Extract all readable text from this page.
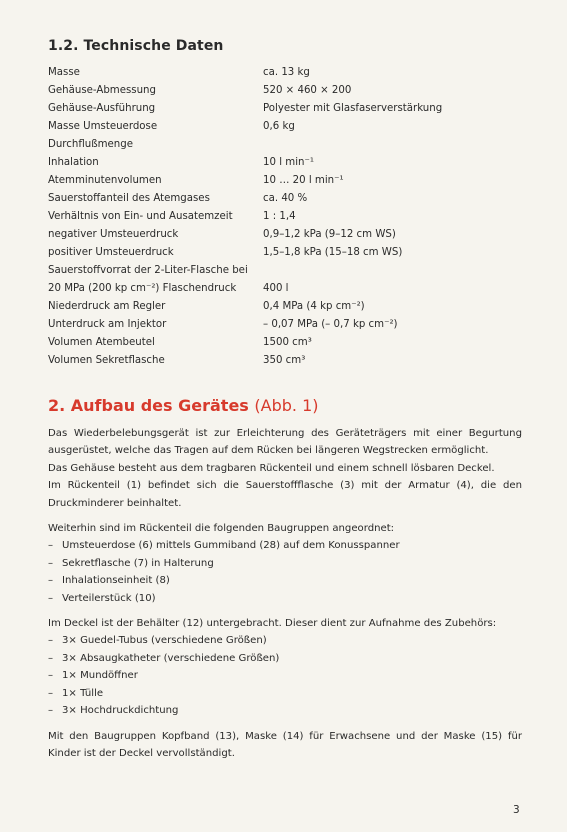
1.2. Technische Daten
Masse	ca. 13 kg
Gehäuse-Abmessung	520 × 460 × 200
Gehäuse-Ausführung	Polyester mit Glasfaserverstärkung
Masse Umsteuerdose	0,6 kg
Durchflußmenge
Inhalation	10 l min⁻¹
Atemminutenvolumen	10 … 20 l min⁻¹
Sauerstoffanteil des Atemgases	ca. 40 %
Verhältnis von Ein- und Ausatemzeit	1 : 1,4
negativer Umsteuerdruck	0,9–1,2 kPa (9–12 cm WS)
positiver Umsteuerdruck	1,5–1,8 kPa (15–18 cm WS)
Sauerstoffvorrat der 2-Liter-Flasche bei
20 MPa (200 kp cm⁻²) Flaschendruck	400 l
Niederdruck am Regler	0,4 MPa (4 kp cm⁻²)
Unterdruck am Injektor	– 0,07 MPa (– 0,7 kp cm⁻²)
Volumen Atembeutel	1500 cm³
Volumen Sekretflasche	350 cm³
2. Aufbau des Gerätes (Abb. 1)

Das Wiederbelebungsgerät ist zur Erleichterung des Geräteträgers mit einer Begurtung ausgerüstet, welche das Tragen auf dem Rücken bei längeren Wegstrecken ermöglicht.

Das Gehäuse besteht aus dem tragbaren Rückenteil und einem schnell lösbaren Deckel.

Im Rückenteil (1) befindet sich die Sauerstoffflasche (3) mit der Armatur (4), die den Druckminderer beinhaltet.

Weiterhin sind im Rückenteil die folgenden Baugruppen angeordnet:

– Umsteuerdose (6) mittels Gummiband (28) auf dem Konusspanner
– Sekretflasche (7) in Halterung
– Inhalationseinheit (8)
– Verteilerstück (10)

Im Deckel ist der Behälter (12) untergebracht. Dieser dient zur Aufnahme des Zubehörs:

– 3× Guedel-Tubus (verschiedene Größen)
– 3× Absaugkatheter (verschiedene Größen)
– 1× Mundöffner
– 1× Tülle
– 3× Hochdruckdichtung

Mit den Baugruppen Kopfband (13), Maske (14) für Erwachsene und der Maske (15) für Kinder ist der Deckel vervollständigt.

3
